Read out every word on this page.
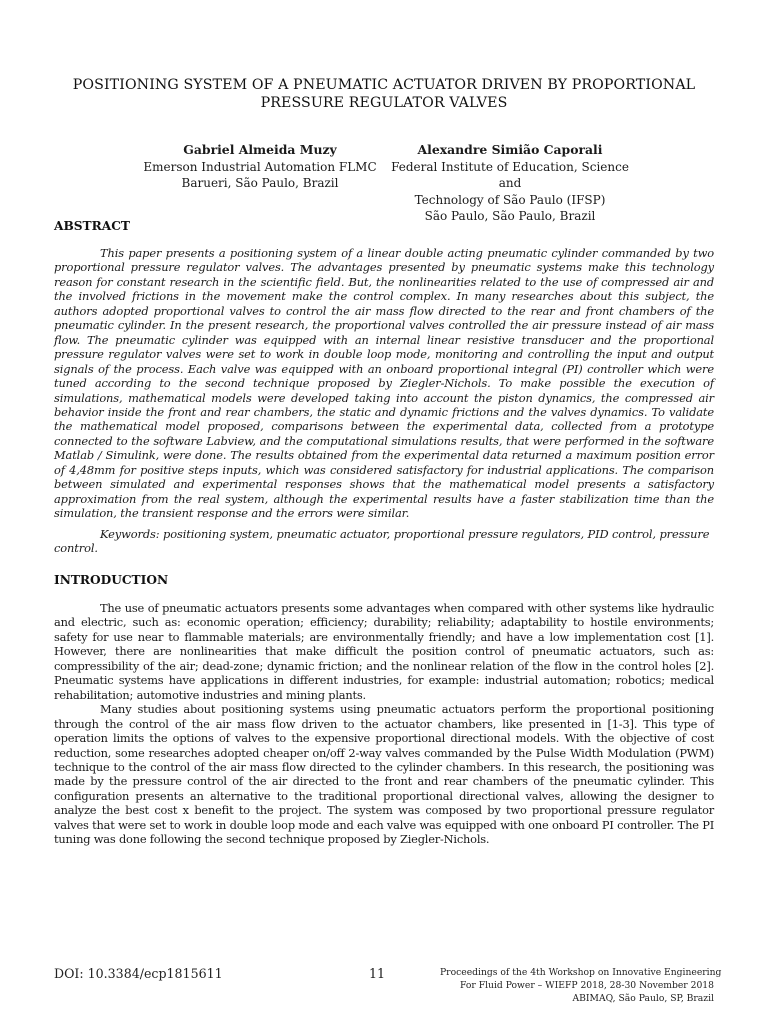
POSITIONING SYSTEM OF A PNEUMATIC ACTUATOR DRIVEN BY PROPORTIONAL
PRESSURE REGULATOR VALVES
Gabriel Almeida Muzy
Emerson Industrial Automation FLMC
Barueri, São Paulo, Brazil
Alexandre Simião Caporali
Federal Institute of Education, Science and
Technology of São Paulo (IFSP)
São Paulo, São Paulo, Brazil
ABSTRACT

This paper presents a positioning system of a linear double acting pneumatic cylinder commanded by two proportional pressure regulator valves. The advantages presented by pneumatic systems make this technology reason for constant research in the scientific field. But, the nonlinearities related to the use of compressed air and the involved frictions in the movement make the control complex. In many researches about this subject, the authors adopted proportional valves to control the air mass flow directed to the rear and front chambers of the pneumatic cylinder. In the present research, the proportional valves controlled the air pressure instead of air mass flow. The pneumatic cylinder was equipped with an internal linear resistive transducer and the proportional pressure regulator valves were set to work in double loop mode, monitoring and controlling the input and output signals of the process. Each valve was equipped with an onboard proportional integral (PI) controller which were tuned according to the second technique proposed by Ziegler-Nichols. To make possible the execution of simulations, mathematical models were developed taking into account the piston dynamics, the compressed air behavior inside the front and rear chambers, the static and dynamic frictions and the valves dynamics. To validate the mathematical model proposed, comparisons between the experimental data, collected from a prototype connected to the software Labview, and the computational simulations results, that were performed in the software Matlab / Simulink, were done. The results obtained from the experimental data returned a maximum position error of 4,48mm for positive steps inputs, which was considered satisfactory for industrial applications. The comparison between simulated and experimental responses shows that the mathematical model presents a satisfactory approximation from the real system, although the experimental results have a faster stabilization time than the simulation, the transient response and the errors were similar.

Keywords: positioning system, pneumatic actuator, proportional pressure regulators, PID control, pressure control.

INTRODUCTION

The use of pneumatic actuators presents some advantages when compared with other systems like hydraulic and electric, such as: economic operation; efficiency; durability; reliability; adaptability to hostile environments; safety for use near to flammable materials; are environmentally friendly; and have a low implementation cost [1]. However, there are nonlinearities that make difficult the position control of pneumatic actuators, such as: compressibility of the air; dead-zone; dynamic friction; and the nonlinear relation of the flow in the control holes [2]. Pneumatic systems have applications in different industries, for example: industrial automation; robotics; medical rehabilitation; automotive industries and mining plants.

Many studies about positioning systems using pneumatic actuators perform the proportional positioning through the control of the air mass flow driven to the actuator chambers, like presented in [1-3]. This type of operation limits the options of valves to the expensive proportional directional models. With the objective of cost reduction, some researches adopted cheaper on/off 2-way valves commanded by the Pulse Width Modulation (PWM) technique to the control of the air mass flow directed to the cylinder chambers. In this research, the positioning was made by the pressure control of the air directed to the front and rear chambers of the pneumatic cylinder. This configuration presents an alternative to the traditional proportional directional valves, allowing the designer to analyze the best cost x benefit to the project. The system was composed by two proportional pressure regulator valves that were set to work in double loop mode and each valve was equipped with one onboard PI controller. The PI tuning was done following the second technique proposed by Ziegler-Nichols.

DOI: 10.3384/ecp1815611	11	Proceedings of the 4th Workshop on Innovative Engineering
For Fluid Power – WIEFP 2018, 28-30 November 2018
ABIMAQ, São Paulo, SP, Brazil
